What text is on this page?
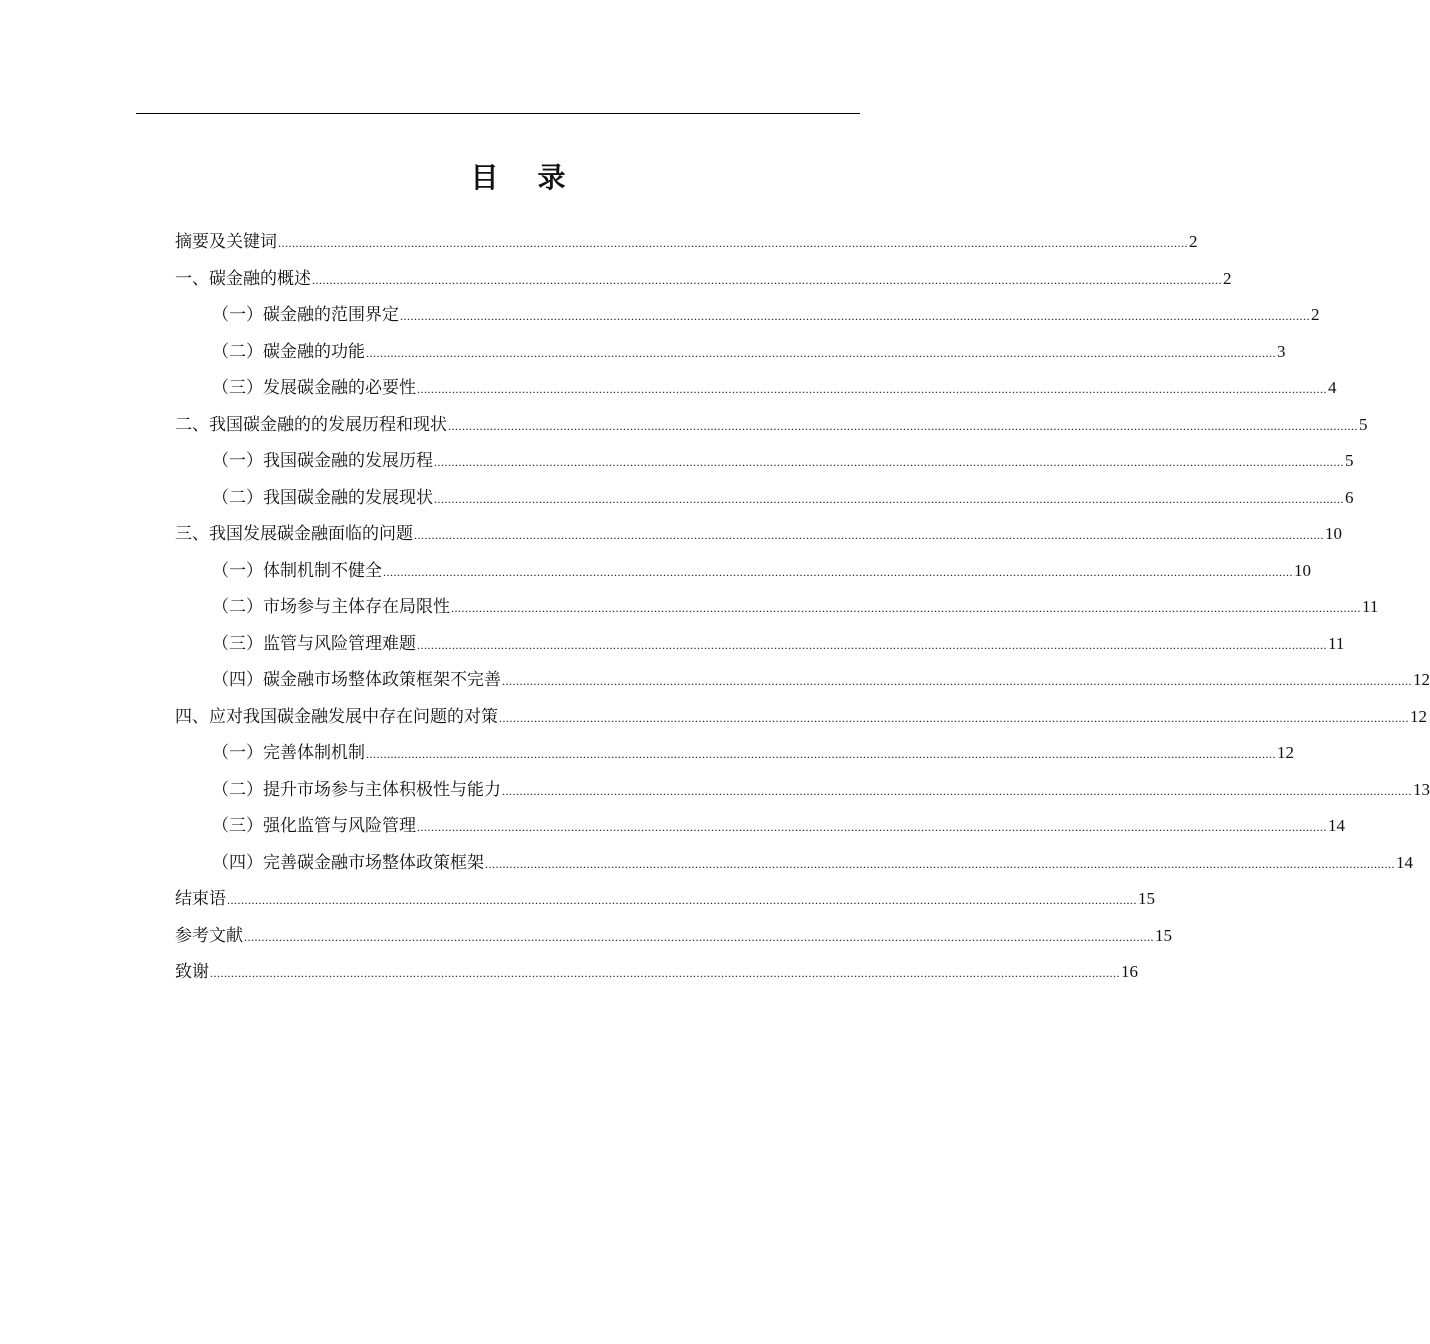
目    录
摘要及关键词 .................................................................................................................................................................................................................................................................... 2
一、碳金融的概述 .................................................................................................................................................................................................................................................................... 2
（一）碳金融的范围界定 .................................................................................................................................................................................................................................................................... 2
（二）碳金融的功能 .................................................................................................................................................................................................................................................................... 3
（三）发展碳金融的必要性 .................................................................................................................................................................................................................................................................... 4
二、我国碳金融的的发展历程和现状 .................................................................................................................................................................................................................................................................... 5
（一）我国碳金融的发展历程 .................................................................................................................................................................................................................................................................... 5
（二）我国碳金融的发展现状 .................................................................................................................................................................................................................................................................... 6
三、我国发展碳金融面临的问题 .................................................................................................................................................................................................................................................................... 10
（一）体制机制不健全 .................................................................................................................................................................................................................................................................... 10
（二）市场参与主体存在局限性 .................................................................................................................................................................................................................................................................... 11
（三）监管与风险管理难题 .................................................................................................................................................................................................................................................................... 11
（四）碳金融市场整体政策框架不完善 .................................................................................................................................................................................................................................................................... 12
四、应对我国碳金融发展中存在问题的对策 .................................................................................................................................................................................................................................................................... 12
（一）完善体制机制 .................................................................................................................................................................................................................................................................... 12
（二）提升市场参与主体积极性与能力 .................................................................................................................................................................................................................................................................... 13
（三）强化监管与风险管理 .................................................................................................................................................................................................................................................................... 14
（四）完善碳金融市场整体政策框架 .................................................................................................................................................................................................................................................................... 14
结束语 .................................................................................................................................................................................................................................................................... 15
参考文献 .................................................................................................................................................................................................................................................................... 15
致谢 .................................................................................................................................................................................................................................................................... 16
